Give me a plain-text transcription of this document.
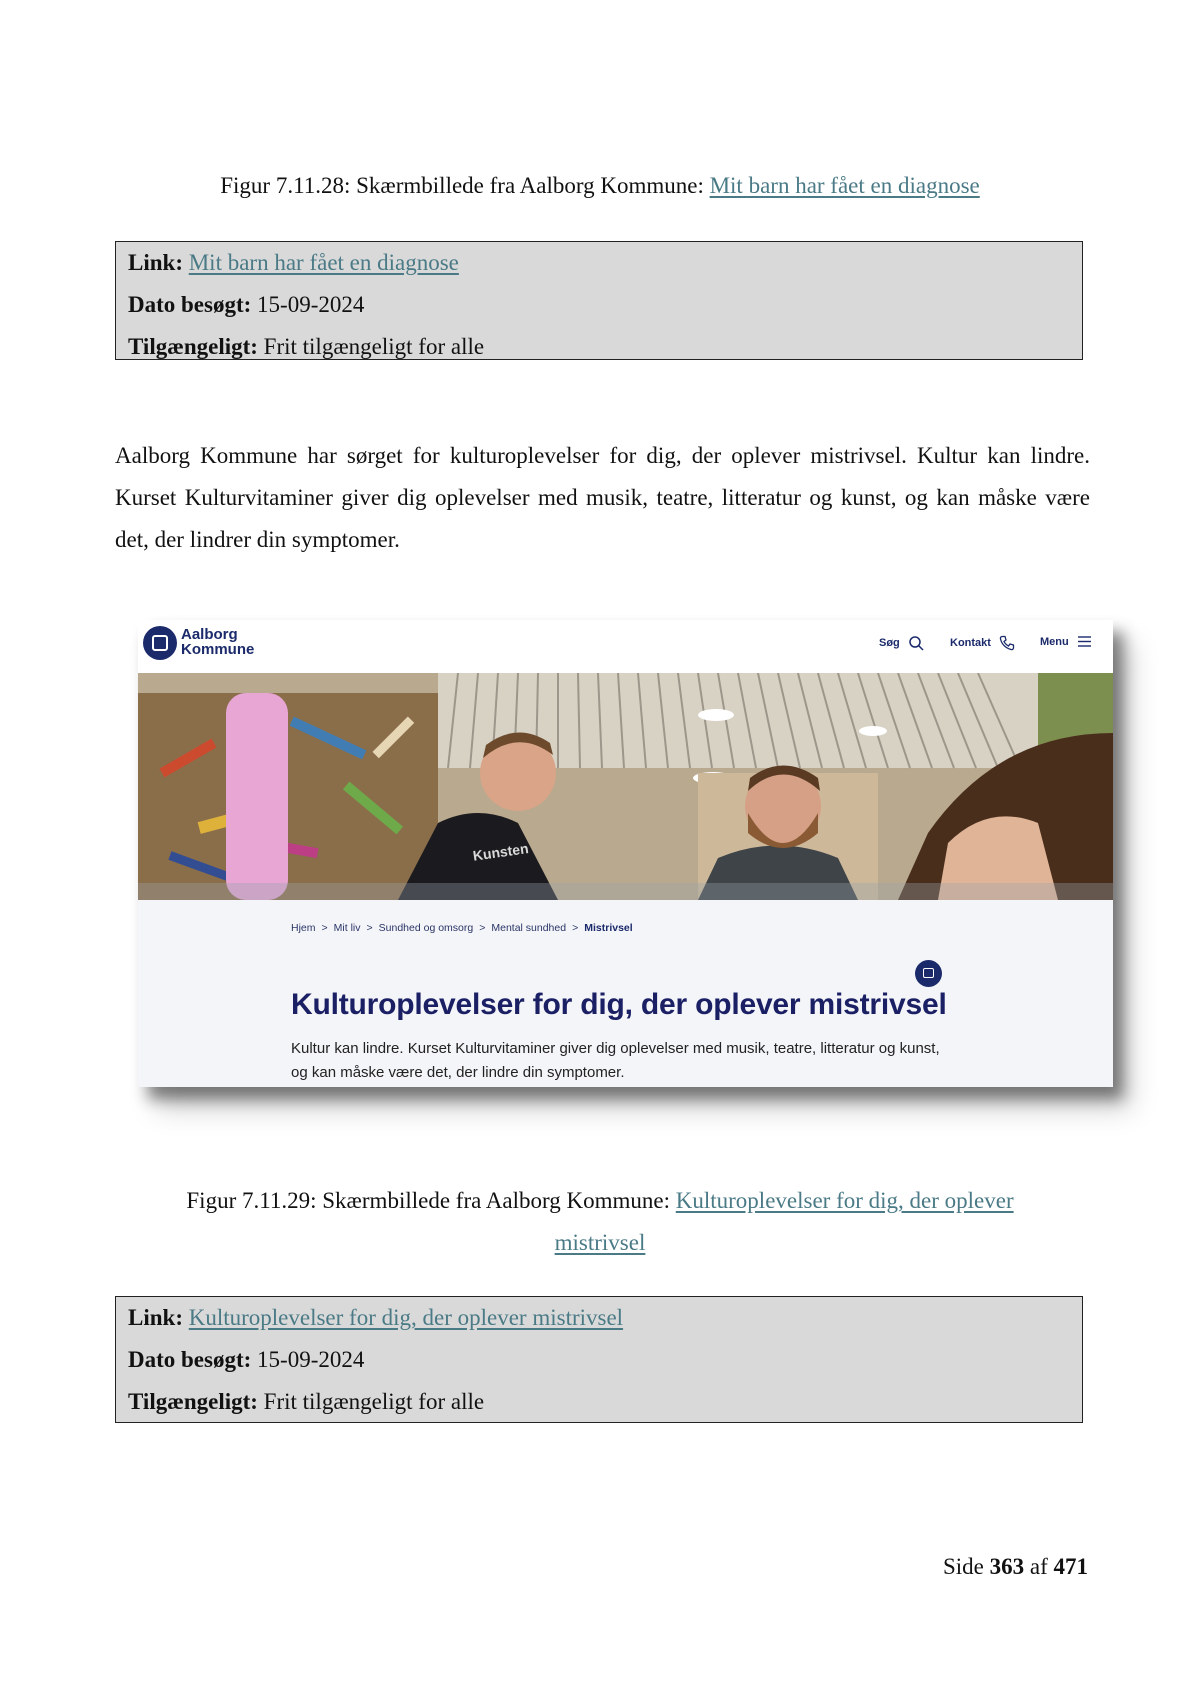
Figur 7.11.28: Skærmbillede fra Aalborg Kommune: Mit barn har fået en diagnose
Link: Mit barn har fået en diagnose
Dato besøgt: 15-09-2024
Tilgængeligt: Frit tilgængeligt for alle
Aalborg Kommune har sørget for kulturoplevelser for dig, der oplever mistrivsel. Kultur kan lindre. Kurset Kulturvitaminer giver dig oplevelser med musik, teatre, litteratur og kunst, og kan måske være det, der lindrer din symptomer.
Aalborg
Kommune	Søg	Kontakt	Menu
Kunsten
Hjem > Mit liv > Sundhed og omsorg > Mental sundhed > Mistrivsel
Kulturoplevelser for dig, der oplever mistrivsel
Kultur kan lindre. Kurset Kulturvitaminer giver dig oplevelser med musik, teatre, litteratur og kunst, og kan måske være det, der lindre din symptomer.
Figur 7.11.29: Skærmbillede fra Aalborg Kommune: Kulturoplevelser for dig, der oplever
mistrivsel
Link: Kulturoplevelser for dig, der oplever mistrivsel
Dato besøgt: 15-09-2024
Tilgængeligt: Frit tilgængeligt for alle
Side 363 af 471
